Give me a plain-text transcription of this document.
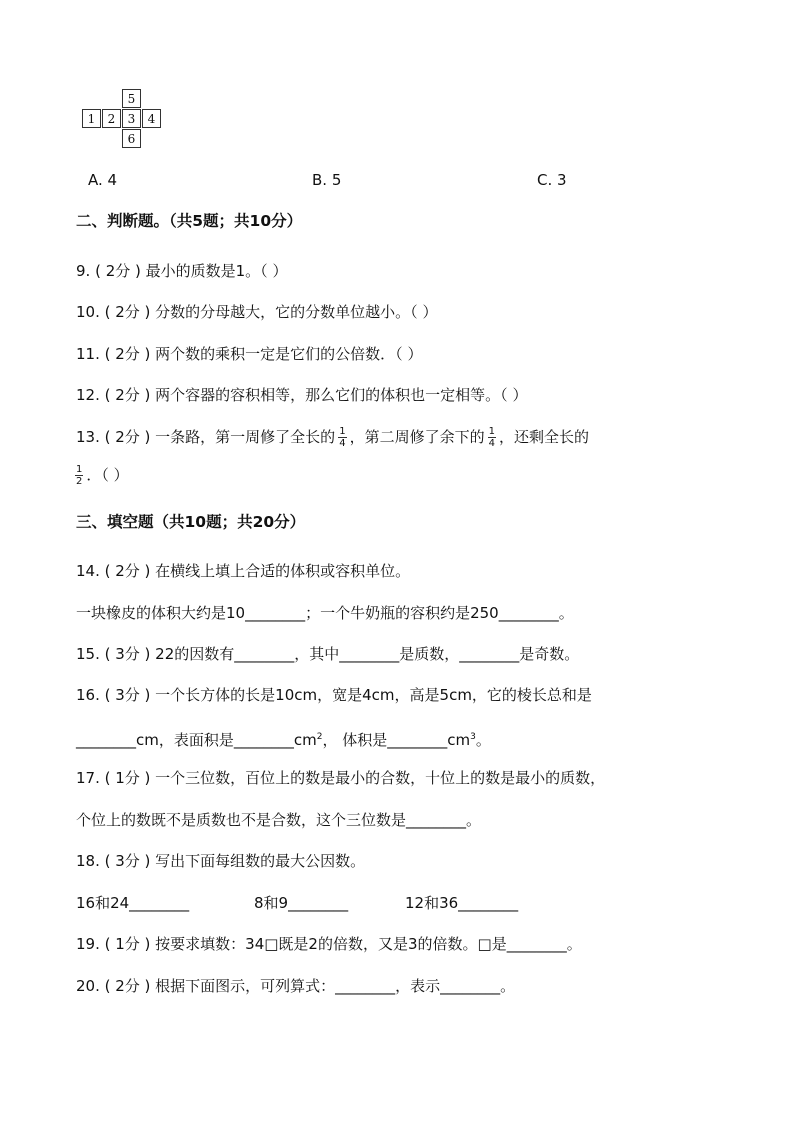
1	2	3	4
5
6
A. 4	B. 5	C. 3
二、判断题。（共5题；共10分）
9. ( 2分 ) 最小的质数是1。（ ）
10. ( 2分 ) 分数的分母越大，它的分数单位越小。（ ）
11. ( 2分 ) 两个数的乘积一定是它们的公倍数．（ ）
12. ( 2分 ) 两个容器的容积相等，那么它们的体积也一定相等。（ ）
13. ( 2分 ) 一条路，第一周修了全长的 $\frac{1}{4}$ ，第二周修了余下的 $\frac{1}{4}$ ，还剩全长的
$\frac{1}{2}$ ．（ ）
三、填空题（共10题；共20分）
14. ( 2分 ) 在横线上填上合适的体积或容积单位。
一块橡皮的体积大约是10________；一个牛奶瓶的容积约是250________。
15. ( 3分 ) 22的因数有________，其中________是质数，________是奇数。
16. ( 3分 ) 一个长方体的长是10cm，宽是4cm，高是5cm，它的棱长总和是
________cm，表面积是$\_\_\_\_\_\_\_\_cm^2$， 体积是$\_\_\_\_\_\_\_\_cm^3$。
17. ( 1分 ) 一个三位数，百位上的数是最小的合数，十位上的数是最小的质数，
个位上的数既不是质数也不是合数，这个三位数是________。
18. ( 3分 ) 写出下面每组数的最大公因数。
16和24________	8和9________	12和36________
19. ( 1分 ) 按要求填数：34□既是2的倍数，又是3的倍数。□是________。
20. ( 2分 ) 根据下面图示，可列算式：________，表示________。
